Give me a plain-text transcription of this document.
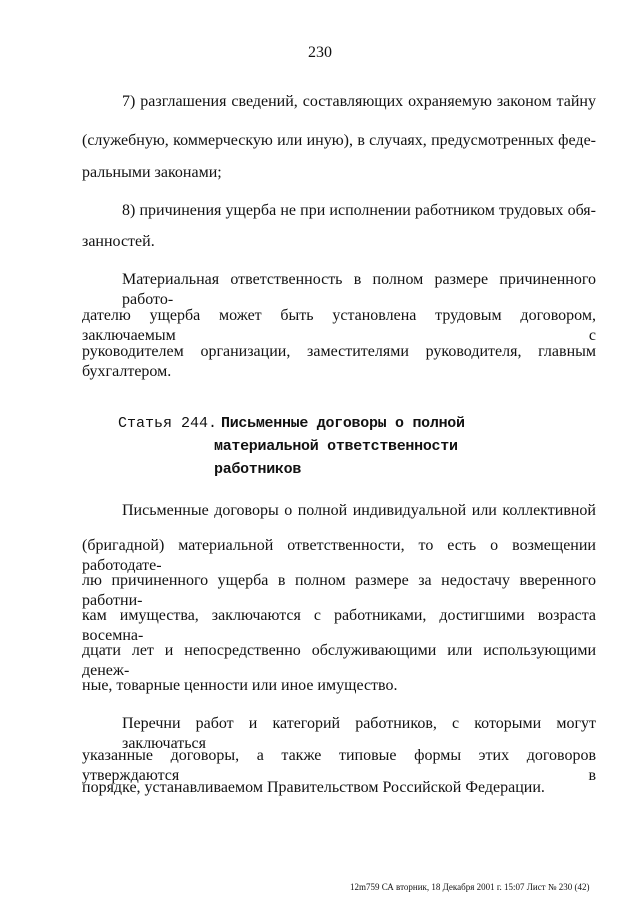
230
7) разглашения сведений, составляющих охраняемую законом тайну
(служебную, коммерческую или иную), в случаях, предусмотренных феде-
ральными законами;
8) причинения ущерба не при исполнении работником трудовых обя-
занностей.
Материальная ответственность в полном размере причиненного работо-
дателю ущерба может быть установлена трудовым договором, заключаемым с
руководителем организации, заместителями руководителя, главным бухгалтером.
Статья 244. Письменные договоры о полной
материальной ответственности
работников
Письменные договоры о полной индивидуальной или коллективной
(бригадной) материальной ответственности, то есть о возмещении работодате-
лю причиненного ущерба в полном размере за недостачу вверенного работни-
кам имущества, заключаются с работниками, достигшими возраста восемна-
дцати лет и непосредственно обслуживающими или использующими денеж-
ные, товарные ценности или иное имущество.
Перечни работ и категорий работников, с которыми могут заключаться
указанные договоры, а также типовые формы этих договоров утверждаются в
порядке, устанавливаемом Правительством Российской Федерации.
12m759 СА вторник, 18 Декабря 2001 г. 15:07 Лист № 230 (42)
